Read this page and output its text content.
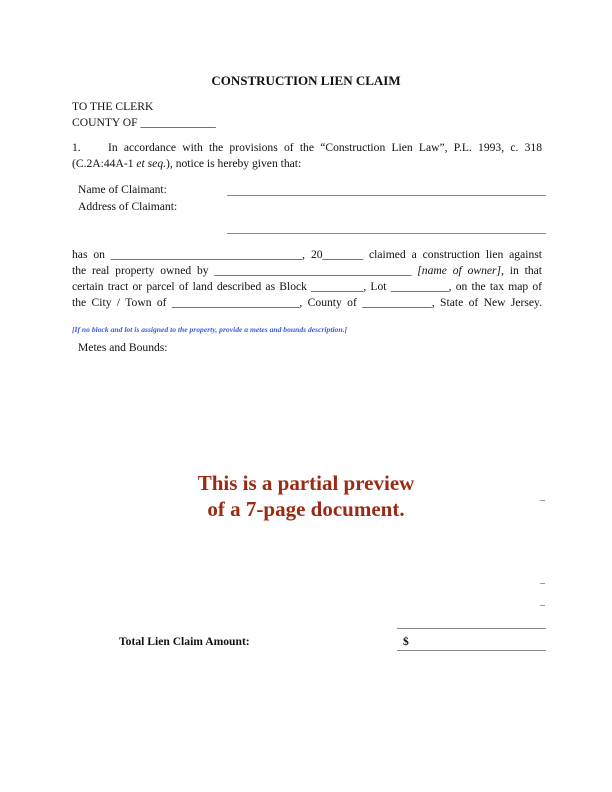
CONSTRUCTION LIEN CLAIM
TO THE CLERK
COUNTY OF _____________
1. In accordance with the provisions of the “Construction Lien Law”, P.L. 1993, c. 318
(C.2A:44A-1 et seq.), notice is hereby given that:
Name of Claimant:
Address of Claimant:
has on _________________________________, 20_______ claimed a construction lien against
the real property owned by __________________________________ [name of owner], in that
certain tract or parcel of land described as Block _________, Lot __________, on the tax map of
the City / Town of ______________________, County of ____________, State of New Jersey.
[If no block and lot is assigned to the property, provide a metes and bounds description.]
Metes and Bounds:
This is a partial preview
of a 7-page document.
Total Lien Claim Amount:	$
